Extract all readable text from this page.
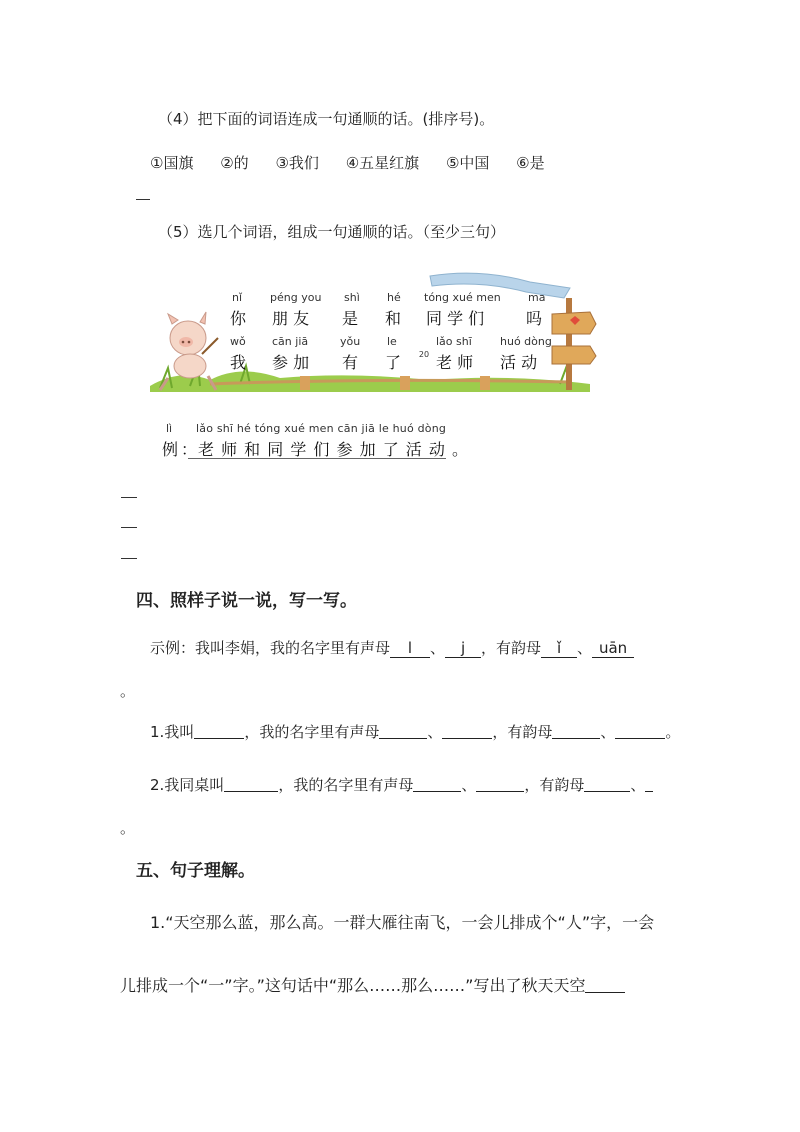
（4）把下面的词语连成一句通顺的话。(排序号)。
①国旗 ②的 ③我们 ④五星红旗 ⑤中国 ⑥是
（5）选几个词语，组成一句通顺的话。（至少三句）
20
nǐ
你
péng you
朋 友
shì
是
hé
和
tóng xué men
同 学 们
ma
吗
wǒ
我
cān jiā
参 加
yǒu
有
le
了
lǎo shī
老 师
huó dòng
活 动
lì lǎo shī hé tóng xué men cān jiā le huó dòng
例 ：老 师 和 同 学 们 参 加 了 活 动 。
四、照样子说一说，写一写。
示例：我叫李娟，我的名字里有声母 l 、 j ，有韵母 ǐ 、 uān
。
1.我叫	，我的名字里有声母	、	，有韵母	、	。
2.我同桌叫	，我的名字里有声母	、	，有韵母	、
。
五、句子理解。
1.“天空那么蓝，那么高。一群大雁往南飞，一会儿排成个“人”字，一会
儿排成一个“一”字。”这句话中“那么……那么……”写出了秋天天空
